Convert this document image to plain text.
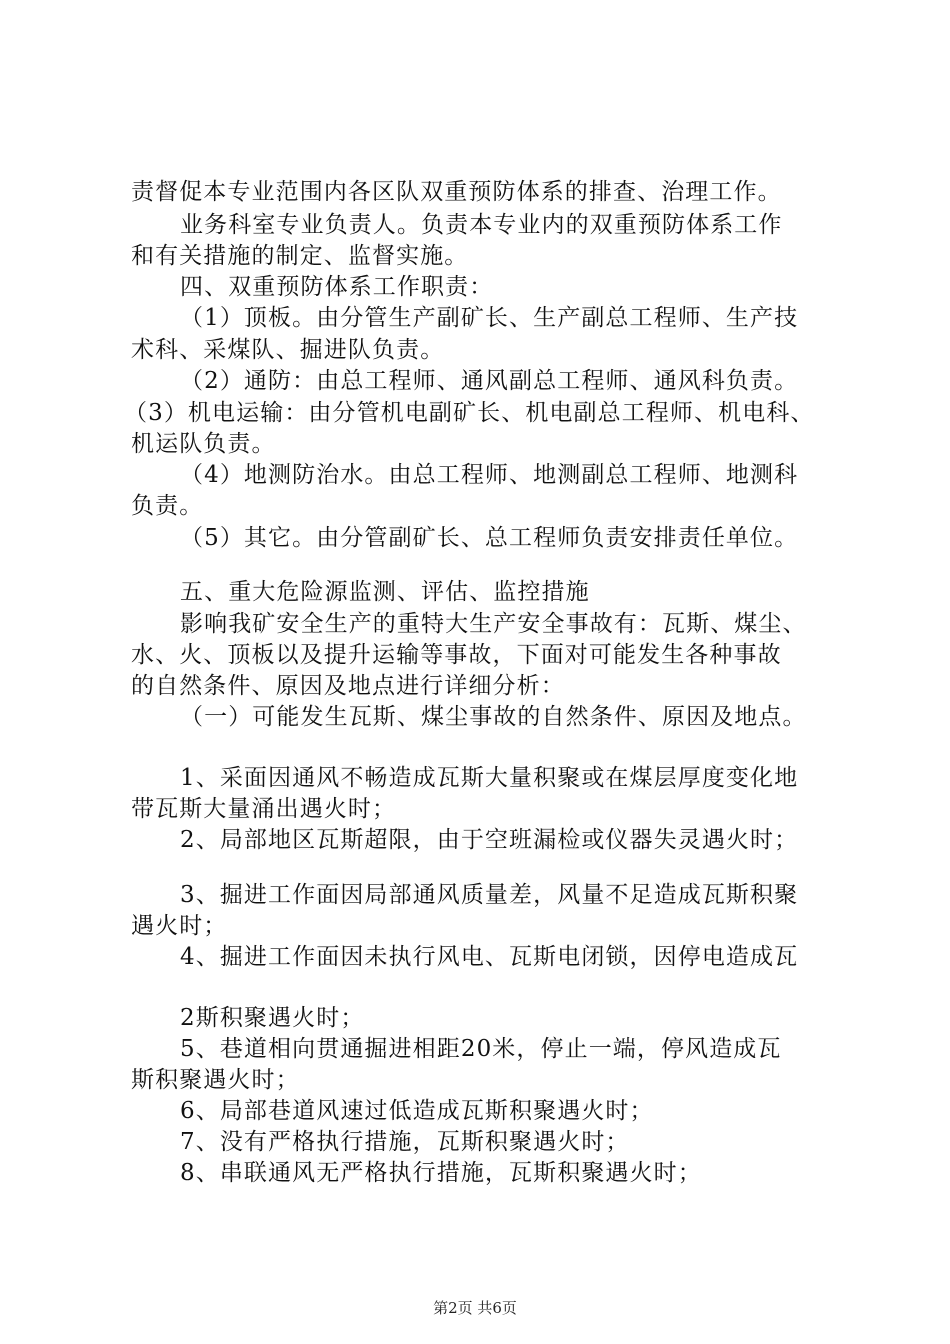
责督促本专业范围内各区队双重预防体系的排查、治理工作。
业务科室专业负责人。负责本专业内的双重预防体系工作
和有关措施的制定、监督实施。
四、双重预防体系工作职责：
（1）顶板。由分管生产副矿长、生产副总工程师、生产技
术科、采煤队、掘进队负责。
（2）通防：由总工程师、通风副总工程师、通风科负责。
（3）机电运输：由分管机电副矿长、机电副总工程师、机电科、
机运队负责。
（4）地测防治水。由总工程师、地测副总工程师、地测科
负责。
（5）其它。由分管副矿长、总工程师负责安排责任单位。
五、重大危险源监测、评估、监控措施
影响我矿安全生产的重特大生产安全事故有：瓦斯、煤尘、
水、火、顶板以及提升运输等事故，下面对可能发生各种事故
的自然条件、原因及地点进行详细分析：
（一）可能发生瓦斯、煤尘事故的自然条件、原因及地点。
1、采面因通风不畅造成瓦斯大量积聚或在煤层厚度变化地
带瓦斯大量涌出遇火时；
2、局部地区瓦斯超限，由于空班漏检或仪器失灵遇火时；
3、掘进工作面因局部通风质量差，风量不足造成瓦斯积聚
遇火时；
4、掘进工作面因未执行风电、瓦斯电闭锁，因停电造成瓦
2斯积聚遇火时；
5、巷道相向贯通掘进相距20米，停止一端，停风造成瓦
斯积聚遇火时；
6、局部巷道风速过低造成瓦斯积聚遇火时；
7、没有严格执行措施，瓦斯积聚遇火时；
8、串联通风无严格执行措施，瓦斯积聚遇火时；
第2页 共6页
